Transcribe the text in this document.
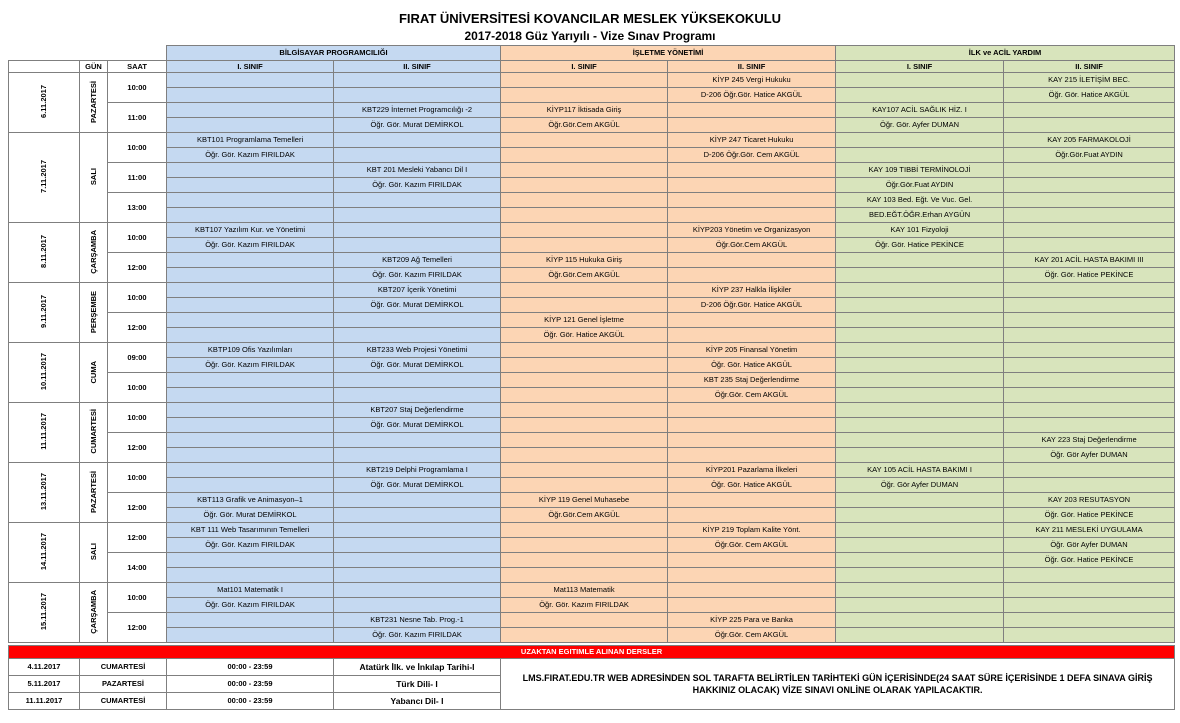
FIRAT ÜNİVERSİTESİ KOVANCILAR MESLEK YÜKSEKOKULU
2017-2018 Güz Yarıyılı - Vize Sınav Programı
			BİLGİSAYAR PROGRAMCILIĞI		İŞLETME YÖNETİMİ		İLK ve ACİL YARDIM	
	GÜN	SAAT	I. SINIF	II. SINIF	I. SINIF	II. SINIF	I. SINIF	II. SINIF
6.11.2017	PAZARTESİ	10:00				KİYP 245 Vergi Hukuku		KAY 215 İLETİŞİM BEC.
						D-206 Öğr.Gör. Hatice AKGÜL		Öğr. Gör. Hatice AKGÜL
		11:00		KBT229 İnternet Programcılığı -2	KİYP117 İktisada Giriş		KAY107 ACİL SAĞLIK HİZ. I	
				Öğr. Gör. Murat DEMİRKOL	Öğr.Gör.Cem AKGÜL		Öğr. Gör. Ayfer DUMAN	
7.11.2017	SALI	10:00	KBT101 Programlama Temelleri			KİYP 247 Ticaret Hukuku		KAY 205 FARMAKOLOJİ
			Öğr. Gör. Kazım FIRILDAK			D-206 Öğr.Gör. Cem AKGÜL		Öğr.Gör.Fuat AYDIN
		11:00		KBT 201 Mesleki Yabancı Dil I			KAY 109 TIBBİ TERMİNOLOJİ	
				Öğr. Gör. Kazım FIRILDAK			Öğr.Gör.Fuat AYDIN	
		13:00					KAY 103 Bed. Eğt. Ve Vuc. Gel.	
							BED.EĞT.ÖĞR.Erhan AYGÜN	
8.11.2017	ÇARŞAMBA	10:00	KBT107 Yazılım Kur. ve Yönetimi			KİYP203 Yönetim ve Organizasyon	KAY 101 Fizyoloji	
			Öğr. Gör. Kazım FIRILDAK			Öğr.Gör.Cem AKGÜL	Öğr. Gör. Hatice PEKİNCE	
		12:00		KBT209 Ağ Temelleri	KİYP 115 Hukuka Giriş			KAY 201 ACİL HASTA BAKIMI III
				Öğr. Gör. Kazım FIRILDAK	Öğr.Gör.Cem AKGÜL			Öğr. Gör. Hatice PEKİNCE
9.11.2017	PERŞEMBE	10:00		KBT207 İçerik Yönetimi		KİYP 237 Halkla İlişkiler		
				Öğr. Gör. Murat DEMİRKOL		D-206 Öğr.Gör. Hatice AKGÜL		
		12:00			KİYP 121 Genel İşletme			
					Öğr. Gör. Hatice AKGÜL			
10.11.2017	CUMA	09:00	KBTP109 Ofis Yazılımları	KBT233 Web Projesi Yönetimi		KİYP 205 Finansal Yönetim		
			Öğr. Gör. Kazım FIRILDAK	Öğr. Gör. Murat DEMİRKOL		Öğr. Gör. Hatice AKGÜL		
		10:00				KBT 235 Staj Değerlendirme		
						Öğr.Gör. Cem AKGÜL		
11.11.2017	CUMARTESİ	10:00		KBT207 Staj Değerlendirme				
				Öğr. Gör. Murat DEMİRKOL				
		12:00						KAY 223 Staj Değerlendirme
								Öğr. Gör Ayfer DUMAN
13.11.2017	PAZARTESİ	10:00		KBT219 Delphi Programlama I		KİYP201 Pazarlama İlkeleri	KAY 105 ACİL HASTA BAKIMI I	
				Öğr. Gör. Murat DEMİRKOL		Öğr. Gör. Hatice AKGÜL	Öğr. Gör Ayfer DUMAN	
		12:00	KBT113 Grafik ve Animasyon–1		KİYP 119 Genel Muhasebe			KAY 203 RESUTASYON
			Öğr. Gör. Murat DEMİRKOL		Öğr.Gör.Cem AKGÜL			Öğr. Gör. Hatice PEKİNCE
14.11.2017	SALI	12:00	KBT 111 Web Tasarımının Temelleri			KİYP 219 Toplam Kalite Yönt.		KAY 211 MESLEKİ UYGULAMA
			Öğr. Gör. Kazım FIRILDAK			Öğr.Gör. Cem AKGÜL		Öğr. Gör Ayfer DUMAN
		14:00						Öğr. Gör. Hatice PEKİNCE

15.11.2017	ÇARŞAMBA	10:00	Mat101 Matematik I		Mat113 Matematik			
			Öğr. Gör. Kazım FIRILDAK		Öğr. Gör. Kazım FIRILDAK			
		12:00		KBT231 Nesne Tab. Prog.-1		KİYP 225 Para ve Banka		
				Öğr. Gör. Kazım FIRILDAK		Öğr.Gör. Cem AKGÜL		
UZAKTAN EGITIMLE ALINAN DERSLER				
4.11.2017	CUMARTESİ	00:00 - 23:59	Atatürk İlk. ve İnkılap Tarihi-I	LMS.FIRAT.EDU.TR WEB ADRESİNDEN SOL TARAFTA BELİRTİLEN TARİHTEKİ GÜN İÇERİSİNDE(24 SAAT SÜRE İÇERİSİNDE 1 DEFA SINAVA GİRİŞ HAKKINIZ OLACAK) VİZE SINAVI ONLİNE OLARAK YAPILACAKTIR.
5.11.2017	PAZARTESİ	00:00 - 23:59	Türk Dili- I	
11.11.2017	CUMARTESİ	00:00 - 23:59	Yabancı Dil- I	
